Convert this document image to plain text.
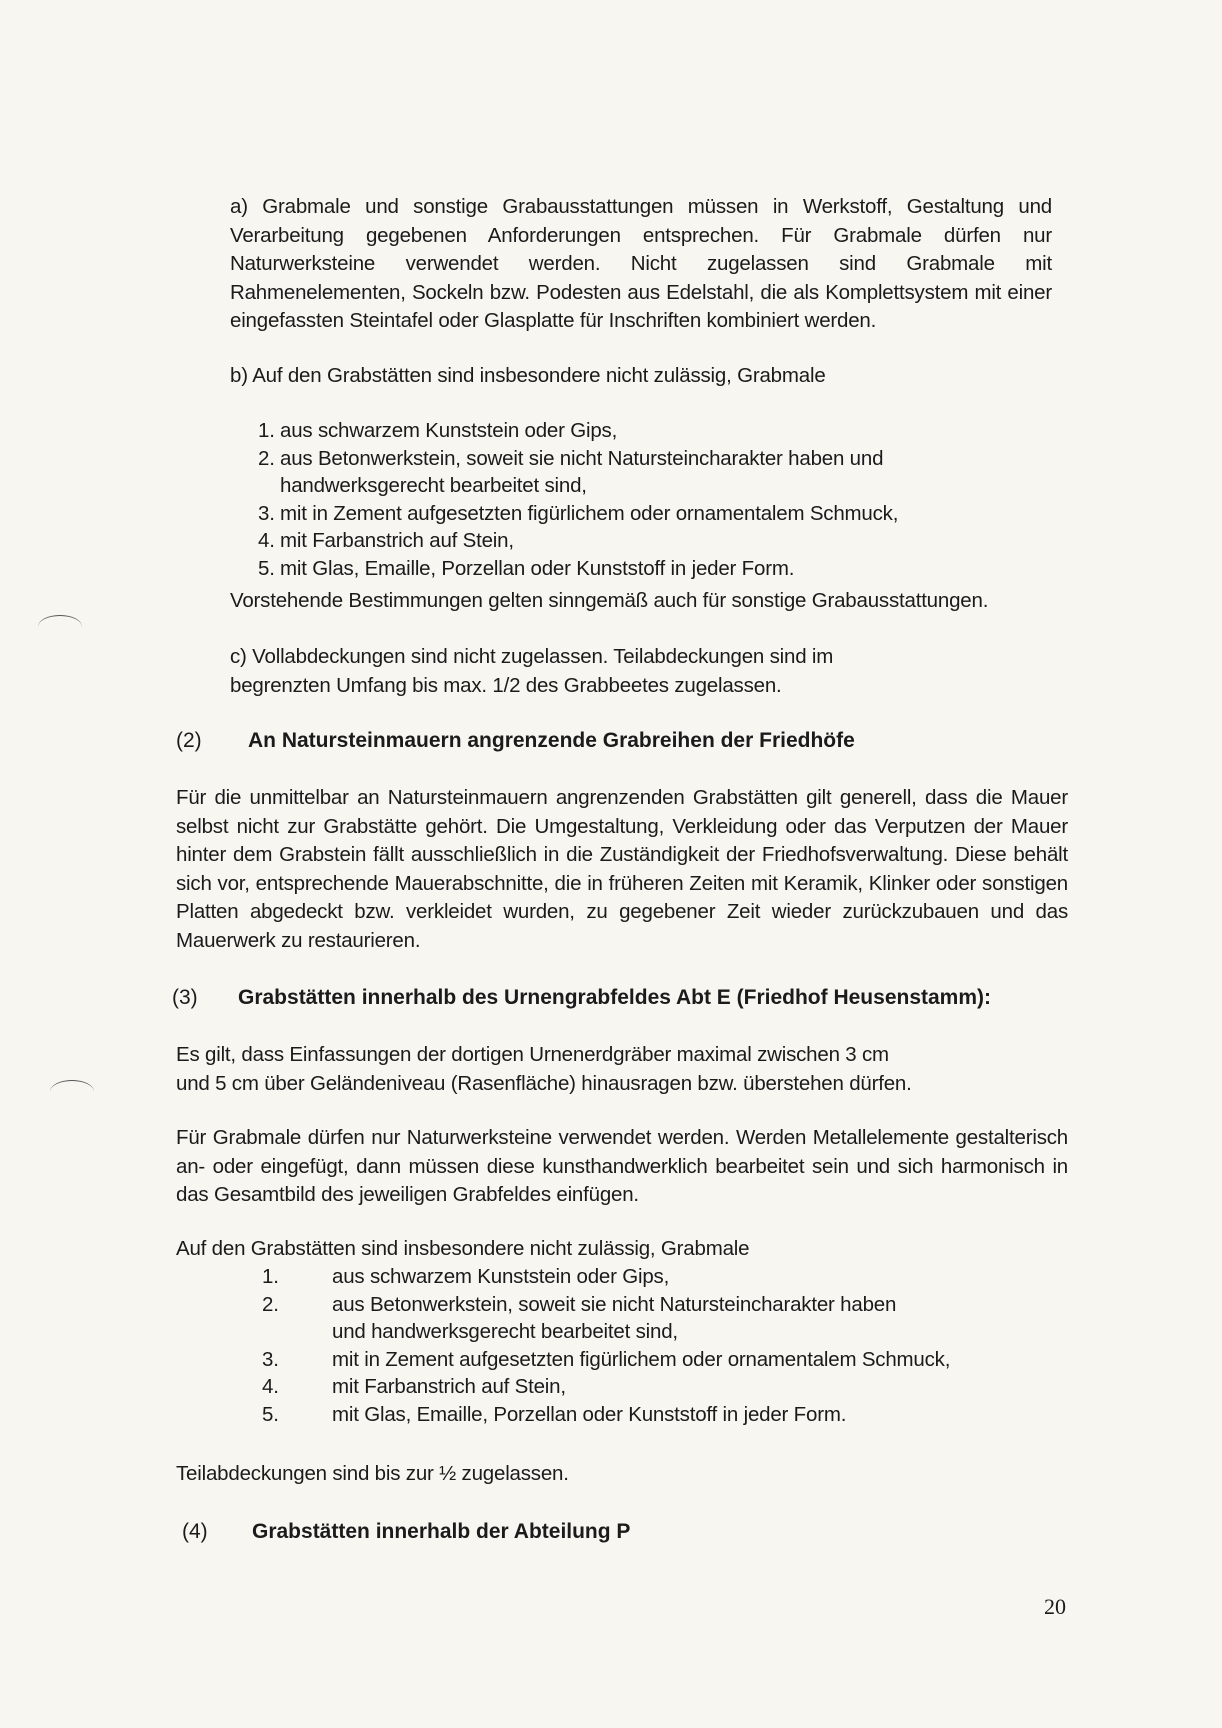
a) Grabmale und sonstige Grabausstattungen müssen in Werkstoff, Gestaltung und Verarbeitung gegebenen Anforderungen entsprechen. Für Grabmale dürfen nur Naturwerksteine verwendet werden. Nicht zugelassen sind Grabmale mit Rahmenelementen, Sockeln bzw. Podesten aus Edelstahl, die als Komplettsystem mit einer eingefassten Steintafel oder Glasplatte für Inschriften kombiniert werden.

b) Auf den Grabstätten sind insbesondere nicht zulässig, Grabmale

1. aus schwarzem Kunststein oder Gips,
2. aus Betonwerkstein, soweit sie nicht Natursteincharakter haben und handwerksgerecht bearbeitet sind,
3. mit in Zement aufgesetzten figürlichem oder ornamentalem Schmuck,
4. mit Farbanstrich auf Stein,
5. mit Glas, Emaille, Porzellan oder Kunststoff in jeder Form.

Vorstehende Bestimmungen gelten sinngemäß auch für sonstige Grabausstattungen.

c) Vollabdeckungen sind nicht zugelassen. Teilabdeckungen sind im begrenzten Umfang bis max. 1/2 des Grabbeetes zugelassen.

(2)	An Natursteinmauern angrenzende Grabreihen der Friedhöfe

Für die unmittelbar an Natursteinmauern angrenzenden Grabstätten gilt generell, dass die Mauer selbst nicht zur Grabstätte gehört. Die Umgestaltung, Verkleidung oder das Verputzen der Mauer hinter dem Grabstein fällt ausschließlich in die Zuständigkeit der Friedhofsverwaltung. Diese behält sich vor, entsprechende Mauerabschnitte, die in früheren Zeiten mit Keramik, Klinker oder sonstigen Platten abgedeckt bzw. verkleidet wurden, zu gegebener Zeit wieder zurückzubauen und das Mauerwerk zu restaurieren.

(3)	Grabstätten innerhalb des Urnengrabfeldes Abt E (Friedhof Heusenstamm):

Es gilt, dass Einfassungen der dortigen Urnenerdgräber maximal zwischen 3 cm und 5 cm über Geländeniveau (Rasenfläche) hinausragen bzw. überstehen dürfen.

Für Grabmale dürfen nur Naturwerksteine verwendet werden. Werden Metallelemente gestalterisch an- oder eingefügt, dann müssen diese kunsthandwerklich bearbeitet sein und sich harmonisch in das Gesamtbild des jeweiligen Grabfeldes einfügen.

Auf den Grabstätten sind insbesondere nicht zulässig, Grabmale

1.	aus schwarzem Kunststein oder Gips,
2.	aus Betonwerkstein, soweit sie nicht Natursteincharakter haben und handwerksgerecht bearbeitet sind,
3.	mit in Zement aufgesetzten figürlichem oder ornamentalem Schmuck,
4.	mit Farbanstrich auf Stein,
5.	mit Glas, Emaille, Porzellan oder Kunststoff in jeder Form.

Teilabdeckungen sind bis zur ½ zugelassen.

(4)	Grabstätten innerhalb der Abteilung P
20
